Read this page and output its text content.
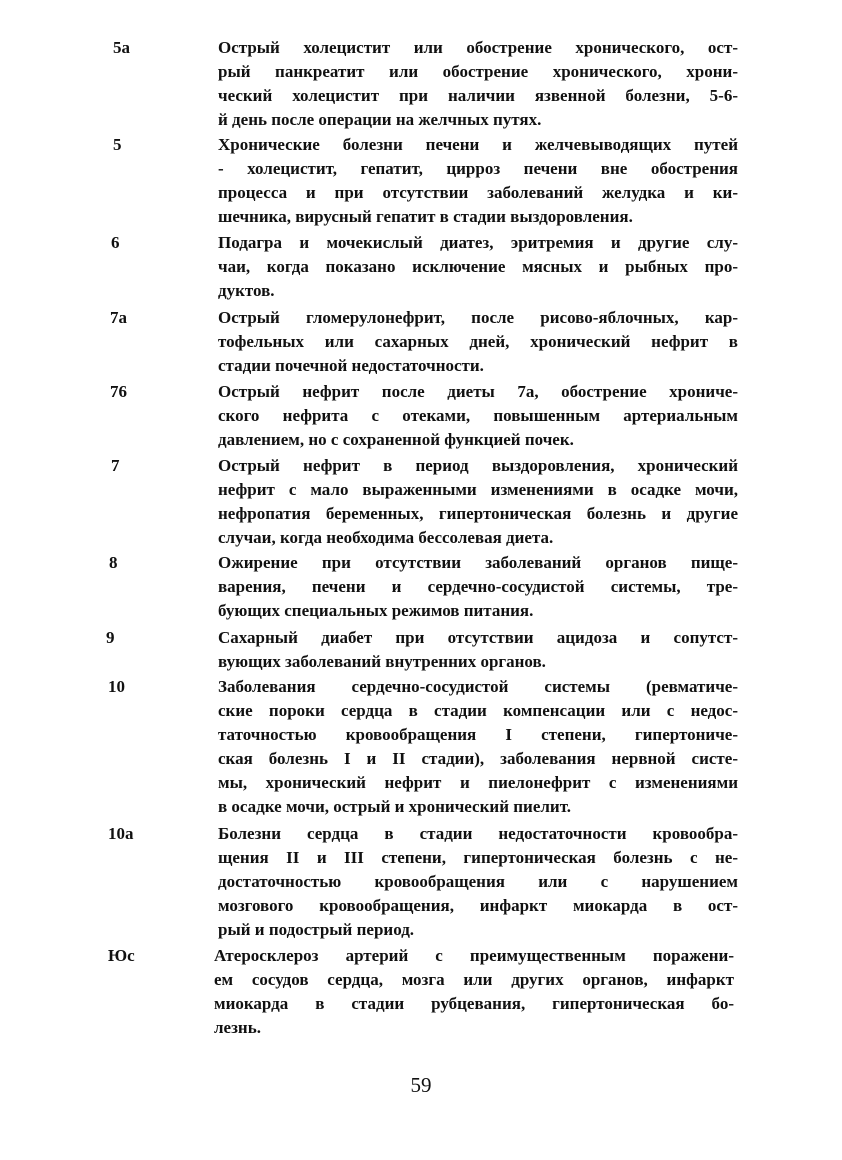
5а	Острый холецистит или обострение хронического, ост-
рый панкреатит или обострение хронического, хрони-
ческий холецистит при наличии язвенной болезни, 5-6-
й день после операции на желчных путях.
5	Хронические болезни печени и желчевыводящих путей
- холецистит, гепатит, цирроз печени вне обострения
процесса и при отсутствии заболеваний желудка и ки-
шечника, вирусный гепатит в стадии выздоровления.
6	Подагра и мочекислый диатез, эритремия и другие слу-
чаи, когда показано исключение мясных и рыбных про-
дуктов.
7а	Острый гломерулонефрит, после рисово-яблочных, кар-
тофельных или сахарных дней, хронический нефрит в
стадии почечной недостаточности.
76	Острый нефрит после диеты 7а, обострение хрониче-
ского нефрита с отеками, повышенным артериальным
давлением, но с сохраненной функцией почек.
7	Острый нефрит в период выздоровления, хронический
нефрит с мало выраженными изменениями в осадке мочи,
нефропатия беременных, гипертоническая болезнь и другие
случаи, когда необходима бессолевая диета.
8	Ожирение при отсутствии заболеваний органов пище-
варения, печени и сердечно-сосудистой системы, тре-
бующих специальных режимов питания.
9	Сахарный диабет при отсутствии ацидоза и сопутст-
вующих заболеваний внутренних органов.
10	Заболевания сердечно-сосудистой системы (ревматиче-
ские пороки сердца в стадии компенсации или с недос-
таточностью кровообращения I степени, гипертониче-
ская болезнь I и II стадии), заболевания нервной систе-
мы, хронический нефрит и пиелонефрит с изменениями
в осадке мочи, острый и хронический пиелит.
10а	Болезни сердца в стадии недостаточности кровообра-
щения II и III степени, гипертоническая болезнь с не-
достаточностью кровообращения или с нарушением
мозгового кровообращения, инфаркт миокарда в ост-
рый и подострый период.
Юс	Атеросклероз артерий с преимущественным поражени-
ем сосудов сердца, мозга или других органов, инфаркт
миокарда в стадии рубцевания, гипертоническая бо-
лезнь.
59
